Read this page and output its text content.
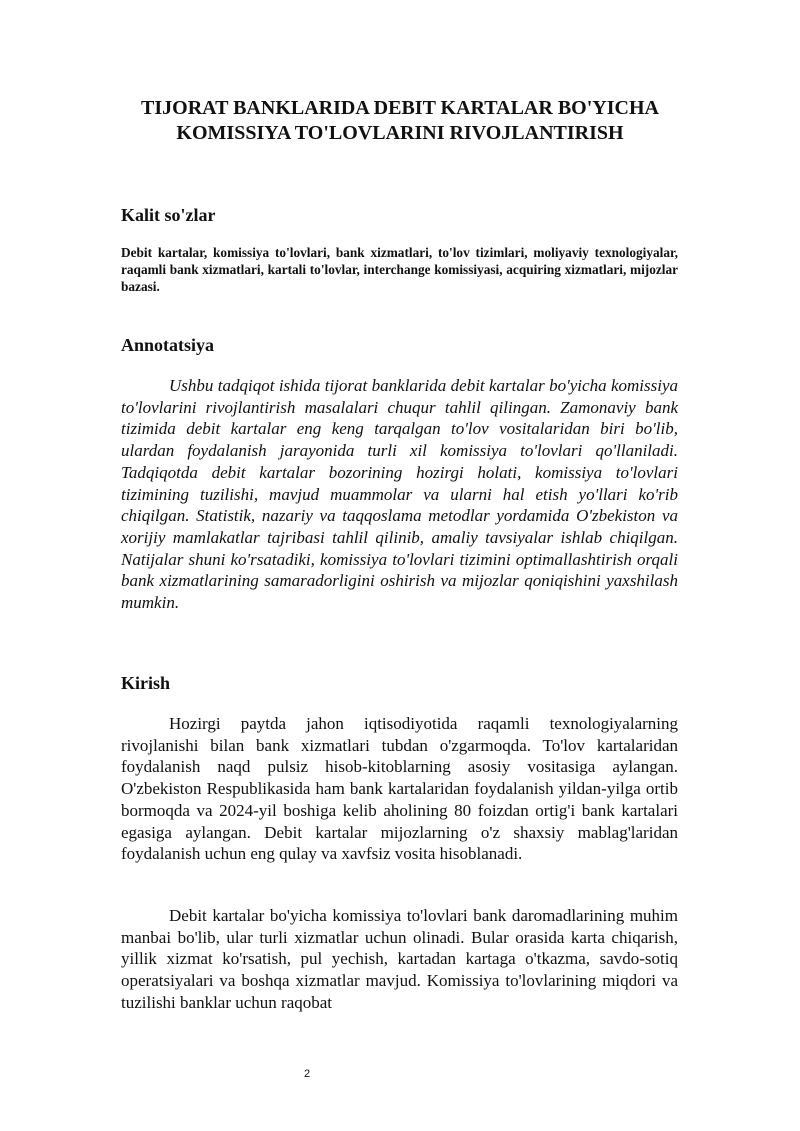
TIJORAT BANKLARIDA DEBIT KARTALAR BO'YICHA KOMISSIYA TO'LOVLARINI RIVOJLANTIRISH
Kalit so'zlar

Debit kartalar, komissiya to'lovlari, bank xizmatlari, to'lov tizimlari, moliyaviy texnologiyalar, raqamli bank xizmatlari, kartali to'lovlar, interchange komissiyasi, acquiring xizmatlari, mijozlar bazasi.

Annotatsiya

Ushbu tadqiqot ishida tijorat banklarida debit kartalar bo'yicha komissiya to'lovlarini rivojlantirish masalalari chuqur tahlil qilingan. Zamonaviy bank tizimida debit kartalar eng keng tarqalgan to'lov vositalaridan biri bo'lib, ulardan foydalanish jarayonida turli xil komissiya to'lovlari qo'llaniladi. Tadqiqotda debit kartalar bozorining hozirgi holati, komissiya to'lovlari tizimining tuzilishi, mavjud muammolar va ularni hal etish yo'llari ko'rib chiqilgan. Statistik, nazariy va taqqoslama metodlar yordamida O'zbekiston va xorijiy mamlakatlar tajribasi tahlil qilinib, amaliy tavsiyalar ishlab chiqilgan. Natijalar shuni ko'rsatadiki, komissiya to'lovlari tizimini optimallashtirish orqali bank xizmatlarining samaradorligini oshirish va mijozlar qoniqishini yaxshilash mumkin.

Kirish

Hozirgi paytda jahon iqtisodiyotida raqamli texnologiyalarning rivojlanishi bilan bank xizmatlari tubdan o'zgarmoqda. To'lov kartalaridan foydalanish naqd pulsiz hisob-kitoblarning asosiy vositasiga aylangan. O'zbekiston Respublikasida ham bank kartalaridan foydalanish yildan-yilga ortib bormoqda va 2024-yil boshiga kelib aholining 80 foizdan ortig'i bank kartalari egasiga aylangan. Debit kartalar mijozlarning o'z shaxsiy mablag'laridan foydalanish uchun eng qulay va xavfsiz vosita hisoblanadi.

Debit kartalar bo'yicha komissiya to'lovlari bank daromadlarining muhim manbai bo'lib, ular turli xizmatlar uchun olinadi. Bular orasida karta chiqarish, yillik xizmat ko'rsatish, pul yechish, kartadan kartaga o'tkazma, savdo-sotiq operatsiyalari va boshqa xizmatlar mavjud. Komissiya to'lovlarining miqdori va tuzilishi banklar uchun raqobat

2
